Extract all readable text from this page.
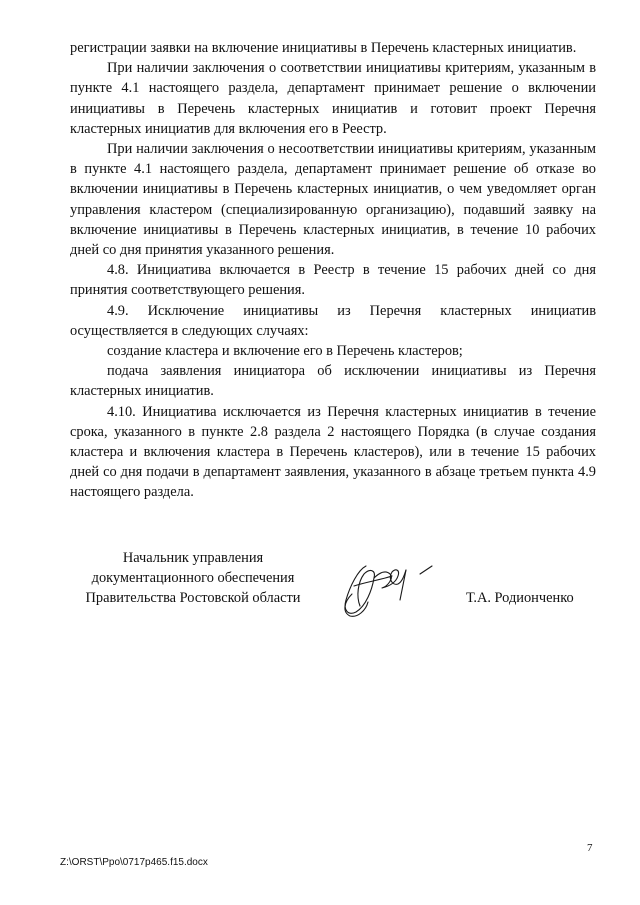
регистрации заявки на включение инициативы в Перечень кластерных инициатив.

При наличии заключения о соответствии инициативы критериям, указанным в пункте 4.1 настоящего раздела, департамент принимает решение о включении инициативы в Перечень кластерных инициатив и готовит проект Перечня кластерных инициатив для включения его в Реестр.

При наличии заключения о несоответствии инициативы критериям, указанным в пункте 4.1 настоящего раздела, департамент принимает решение об отказе во включении инициативы в Перечень кластерных инициатив, о чем уведомляет орган управления кластером (специализированную организацию), подавший заявку на включение инициативы в Перечень кластерных инициатив, в течение 10 рабочих дней со дня принятия указанного решения.

4.8. Инициатива включается в Реестр в течение 15 рабочих дней со дня принятия соответствующего решения.

4.9. Исключение инициативы из Перечня кластерных инициатив осуществляется в следующих случаях:

создание кластера и включение его в Перечень кластеров;

подача заявления инициатора об исключении инициативы из Перечня кластерных инициатив.

4.10. Инициатива исключается из Перечня кластерных инициатив в течение срока, указанного в пункте 2.8 раздела 2 настоящего Порядка (в случае создания кластера и включения кластера в Перечень кластеров), или в течение 15 рабочих дней со дня подачи в департамент заявления, указанного в абзаце третьем пункта 4.9 настоящего раздела.

Начальник управления
документационного обеспечения
Правительства Ростовской области	Т.А. Родионченко
7
Z:\ORST\Ppo\0717p465.f15.docx
